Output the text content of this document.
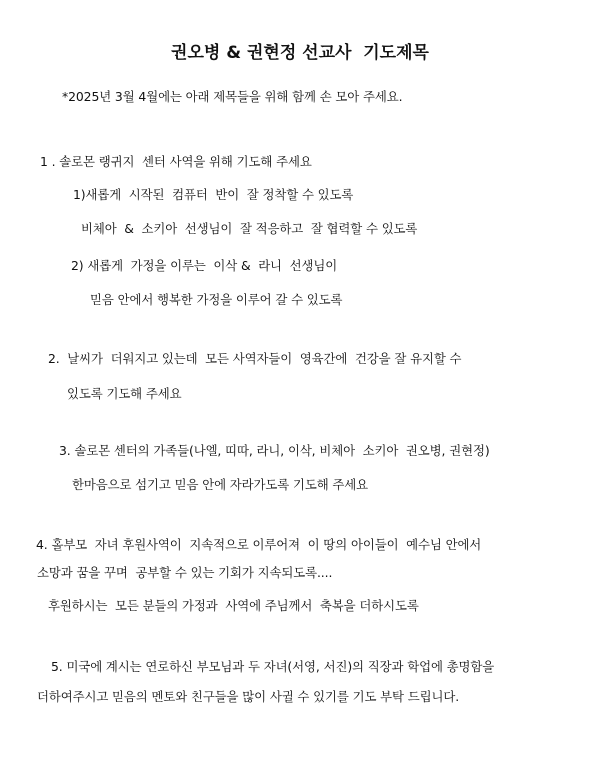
권오병 & 권현정 선교사  기도제목
*2025년 3월 4월에는 아래 제목들을 위해 함께 손 모아 주세요.
1 . 솔로몬 랭귀지  센터 사역을 위해 기도해 주세요
1)새롭게  시작된  컴퓨터  반이  잘 정착할 수 있도록
비체아  &  소키아  선생님이  잘 적응하고  잘 협력할 수 있도록
2) 새롭게  가정을 이루는  이삭 &  라니  선생님이
믿음 안에서 행복한 가정을 이루어 갈 수 있도록
2.  날씨가  더워지고 있는데  모든 사역자들이  영육간에  건강을 잘 유지할 수
있도록 기도해 주세요
3. 솔로몬 센터의 가족들(나엘, 띠따, 라니, 이삭, 비체아  소키아  권오병, 권현정)
한마음으로 섬기고 믿음 안에 자라가도록 기도해 주세요
4. 홀부모  자녀 후원사역이  지속적으로 이루어져  이 땅의 아이들이  예수님 안에서
소망과 꿈을 꾸며  공부할 수 있는 기회가 지속되도록....
후원하시는  모든 분들의 가정과  사역에 주님께서  축복을 더하시도록
5. 미국에 계시는 연로하신 부모님과 두 자녀(서영, 서진)의 직장과 학업에 총명함을
더하여주시고 믿음의 멘토와 친구들을 많이 사귈 수 있기를 기도 부탁 드립니다.
